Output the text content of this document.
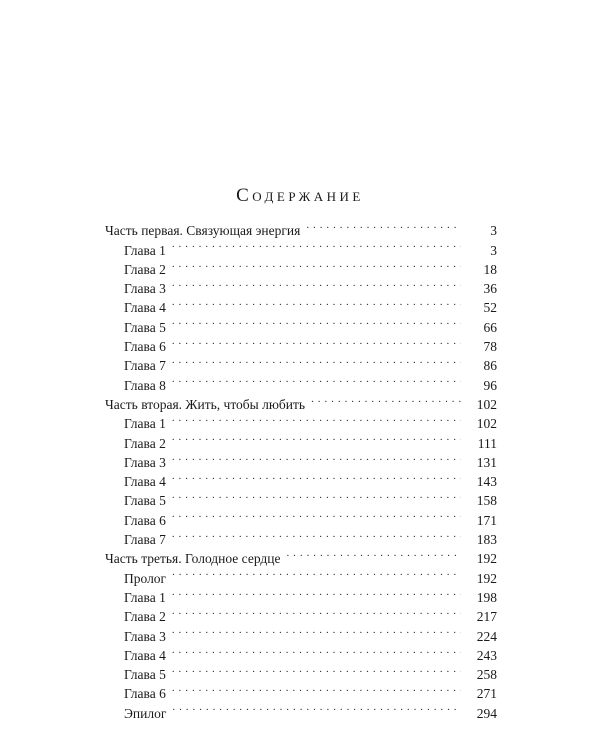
Содержание
Часть первая. Связующая энергия . . .	3
Глава 1 . . .	3
Глава 2 . . .	18
Глава 3 . . .	36
Глава 4 . . .	52
Глава 5 . . .	66
Глава 6 . . .	78
Глава 7 . . .	86
Глава 8 . . .	96
Часть вторая. Жить, чтобы любить . . .	102
Глава 1 . . .	102
Глава 2 . . .	111
Глава 3 . . .	131
Глава 4 . . .	143
Глава 5 . . .	158
Глава 6 . . .	171
Глава 7 . . .	183
Часть третья. Голодное сердце . . .	192
Пролог . . .	192
Глава 1 . . .	198
Глава 2 . . .	217
Глава 3 . . .	224
Глава 4 . . .	243
Глава 5 . . .	258
Глава 6 . . .	271
Эпилог . . .	294
